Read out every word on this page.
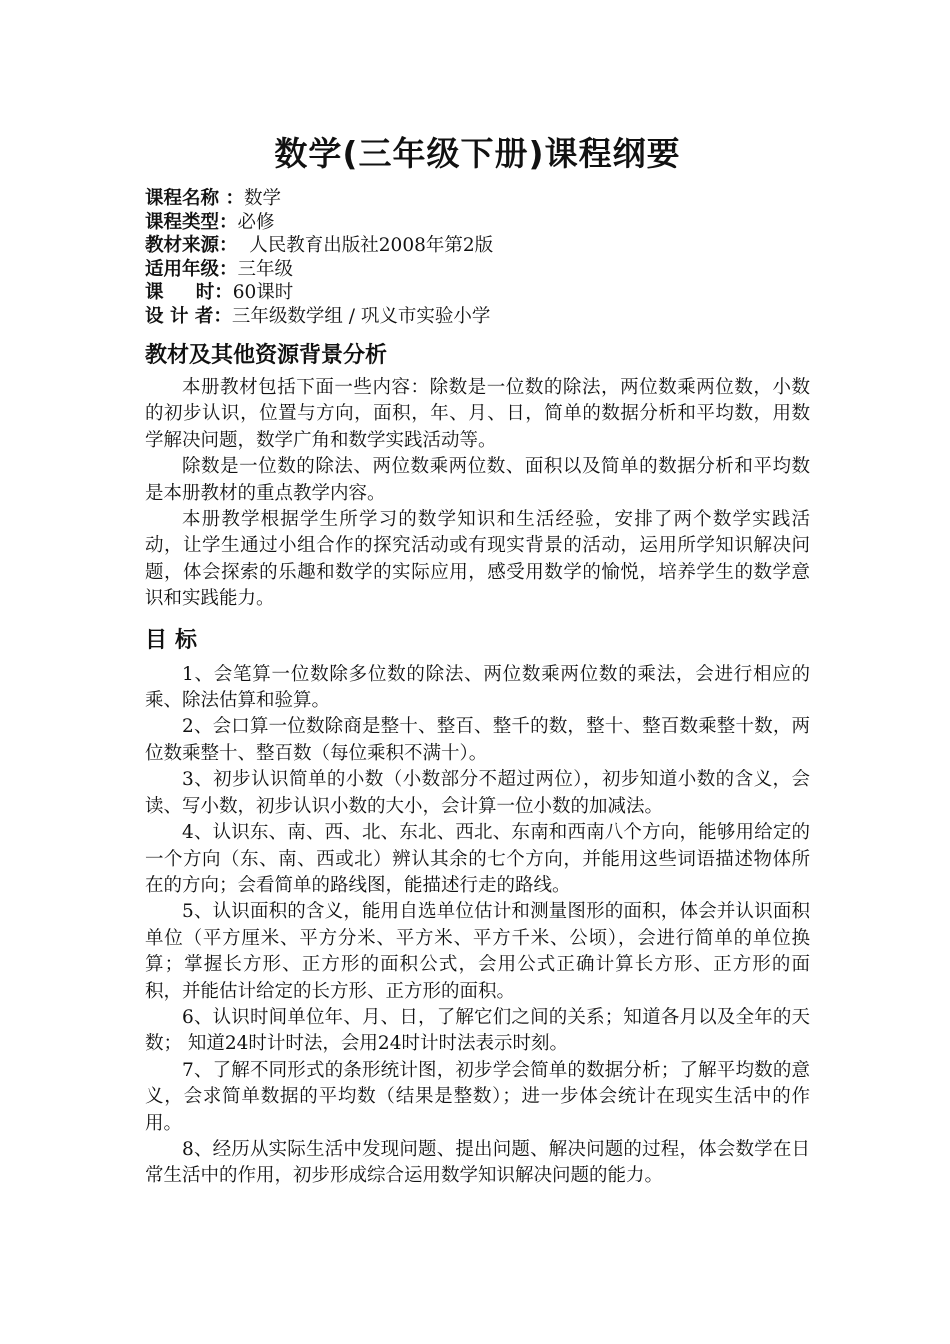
数学(三年级下册)课程纲要
课程名称 ：数学
课程类型：必修
教材来源：  人民教育出版社2008年第2版
适用年级：三年级
课     时：60课时
设 计 者：三年级数学组 / 巩义市实验小学
教材及其他资源背景分析

本册教材包括下面一些内容：除数是一位数的除法，两位数乘两位数，小数的初步认识，位置与方向，面积，年、月、日，简单的数据分析和平均数，用数学解决问题，数学广角和数学实践活动等。

除数是一位数的除法、两位数乘两位数、面积以及简单的数据分析和平均数是本册教材的重点教学内容。

本册教学根据学生所学习的数学知识和生活经验，安排了两个数学实践活动，让学生通过小组合作的探究活动或有现实背景的活动，运用所学知识解决问题，体会探索的乐趣和数学的实际应用，感受用数学的愉悦，培养学生的数学意识和实践能力。

目标

1、会笔算一位数除多位数的除法、两位数乘两位数的乘法，会进行相应的乘、除法估算和验算。

2、会口算一位数除商是整十、整百、整千的数，整十、整百数乘整十数，两位数乘整十、整百数（每位乘积不满十）。

3、初步认识简单的小数（小数部分不超过两位），初步知道小数的含义，会读、写小数，初步认识小数的大小，会计算一位小数的加减法。

4、认识东、南、西、北、东北、西北、东南和西南八个方向，能够用给定的一个方向（东、南、西或北）辨认其余的七个方向，并能用这些词语描述物体所在的方向；会看简单的路线图，能描述行走的路线。

5、认识面积的含义，能用自选单位估计和测量图形的面积，体会并认识面积单位（平方厘米、平方分米、平方米、平方千米、公顷），会进行简单的单位换算；掌握长方形、正方形的面积公式，会用公式正确计算长方形、正方形的面积，并能估计给定的长方形、正方形的面积。

6、认识时间单位年、月、日，了解它们之间的关系；知道各月以及全年的天数； 知道24时计时法，会用24时计时法表示时刻。

7、了解不同形式的条形统计图，初步学会简单的数据分析；了解平均数的意义，会求简单数据的平均数（结果是整数）；进一步体会统计在现实生活中的作用。

8、经历从实际生活中发现问题、提出问题、解决问题的过程，体会数学在日常生活中的作用，初步形成综合运用数学知识解决问题的能力。
